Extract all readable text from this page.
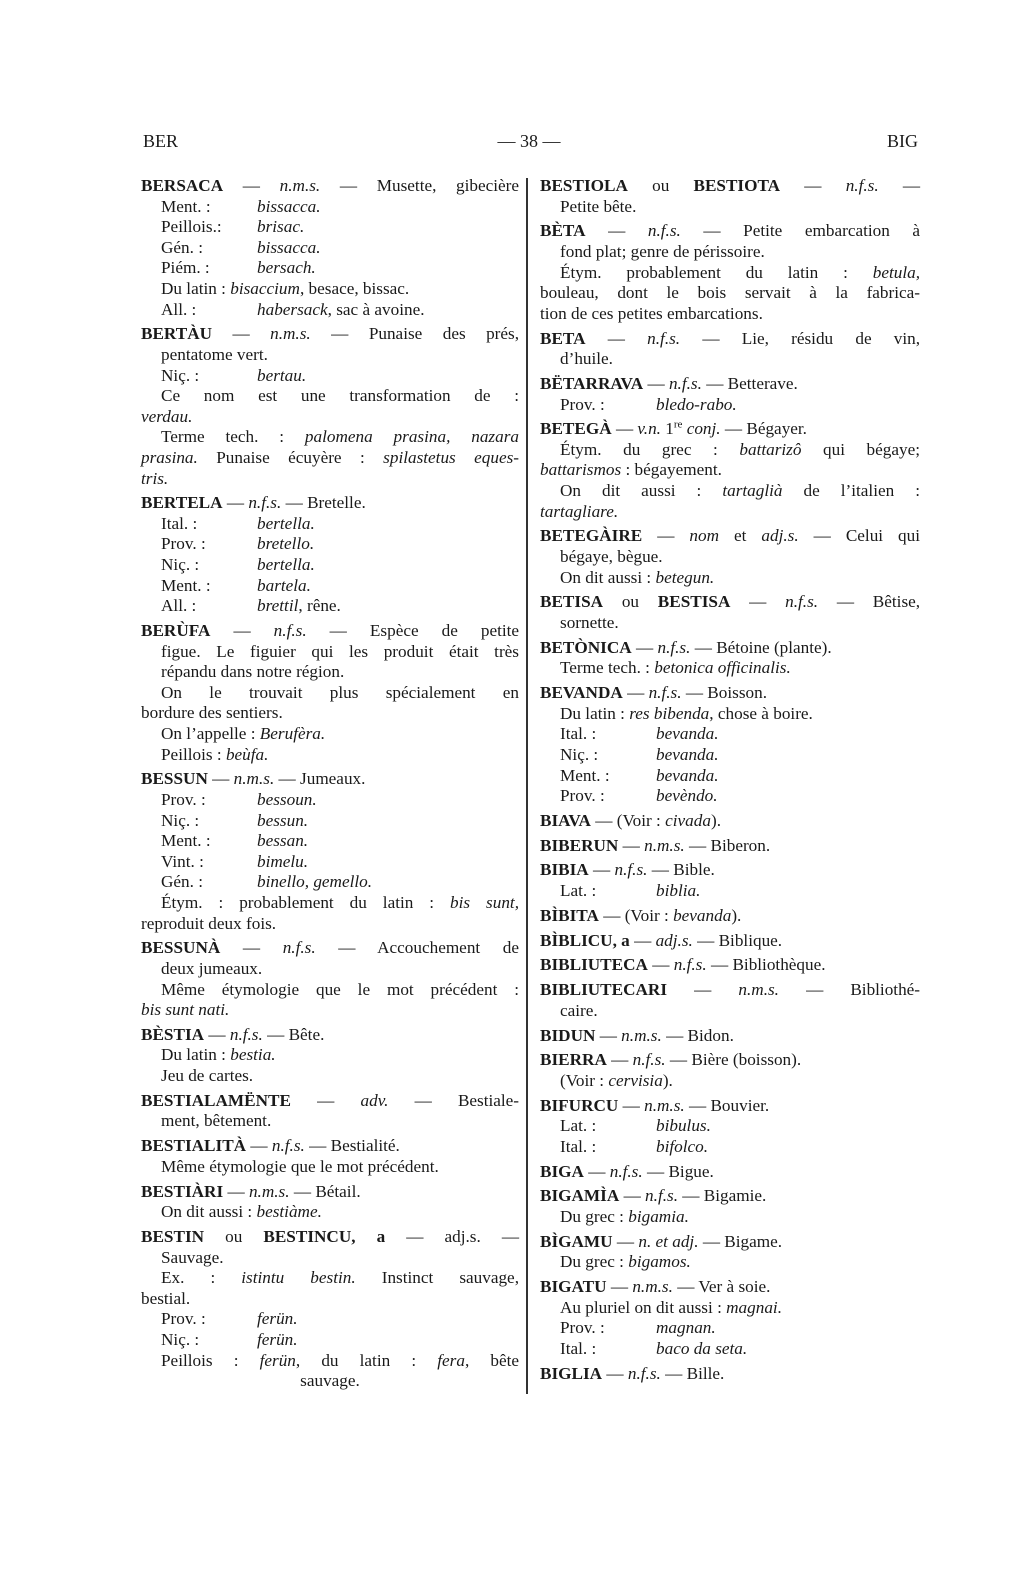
BER	— 38 —	BIG
BERSACA — n.m.s. — Musette, gibecière
Ment. :	bissacca.
Peillois.:	brisac.
Gén. :	bissacca.
Piém. :	bersach.
Du latin : bisaccium, besace, bissac.
All. :	habersack, sac à avoine.
BERTÀU — n.m.s. — Punaise des prés,
pentatome vert.
Niç. :	bertau.
Ce nom est une transformation de :
verdau.
Terme tech. : palomena prasina, nazara
prasina. Punaise écuyère : spilastetus eques-
tris.
BERTELA — n.f.s. — Bretelle.
Ital. :	bertella.
Prov. :	bretello.
Niç. :	bertella.
Ment. :	bartela.
All. :	brettil, rêne.
BERÙFA — n.f.s. — Espèce de petite
figue. Le figuier qui les produit était très
répandu dans notre région.
On le trouvait plus spécialement en
bordure des sentiers.
On l’appelle : Berufèra.
Peillois : beùfa.
BESSUN — n.m.s. — Jumeaux.
Prov. :	bessoun.
Niç. :	bessun.
Ment. :	bessan.
Vint. :	bimelu.
Gén. :	binello, gemello.
Étym. : probablement du latin : bis sunt,
reproduit deux fois.
BESSUNÀ — n.f.s. — Accouchement de
deux jumeaux.
Même étymologie que le mot précédent :
bis sunt nati.
BÈSTIA — n.f.s. — Bête.
Du latin : bestia.
Jeu de cartes.
BESTIALAMËNTE — adv. — Bestiale-
ment, bêtement.
BESTIALITÀ — n.f.s. — Bestialité.
Même étymologie que le mot précédent.
BESTIÀRI — n.m.s. — Bétail.
On dit aussi : bestiàme.
BESTIN ou BESTINCU, a — adj.s. —
Sauvage.
Ex. : istintu bestin. Instinct sauvage,
bestial.
Prov. :	ferün.
Niç. :	ferün.
Peillois : ferün, du latin : fera, bête
sauvage.
BESTIOLA ou BESTIOTA — n.f.s. —
Petite bête.
BÈTA — n.f.s. — Petite embarcation à
fond plat; genre de périssoire.
Étym. probablement du latin : betula,
bouleau, dont le bois servait à la fabrica-
tion de ces petites embarcations.
BETA — n.f.s. — Lie, résidu de vin,
d’huile.
BËTARRAVA — n.f.s. — Betterave.
Prov. :	bledo-rabo.
BETEGÀ — v.n. 1re conj. — Bégayer.
Étym. du grec : battarizô qui bégaye;
battarismos : bégayement.
On dit aussi : tartaglià de l’italien :
tartagliare.
BETEGÀIRE — nom et adj.s. — Celui qui
bégaye, bègue.
On dit aussi : betegun.
BETISA ou BESTISA — n.f.s. — Bêtise,
sornette.
BETÒNICA — n.f.s. — Bétoine (plante).
Terme tech. : betonica officinalis.
BEVANDA — n.f.s. — Boisson.
Du latin : res bibenda, chose à boire.
Ital. :	bevanda.
Niç. :	bevanda.
Ment. :	bevanda.
Prov. :	bevèndo.
BIAVA — (Voir : civada).
BIBERUN — n.m.s. — Biberon.
BIBIA — n.f.s. — Bible.
Lat. :	biblia.
BÌBITA — (Voir : bevanda).
BÌBLICU, a — adj.s. — Biblique.
BIBLIUTECA — n.f.s. — Bibliothèque.
BIBLIUTECARI — n.m.s. — Bibliothé-
caire.
BIDUN — n.m.s. — Bidon.
BIERRA — n.f.s. — Bière (boisson).
(Voir : cervisia).
BIFURCU — n.m.s. — Bouvier.
Lat. :	bibulus.
Ital. :	bifolco.
BIGA — n.f.s. — Bigue.
BIGAMÌA — n.f.s. — Bigamie.
Du grec : bigamia.
BÌGAMU — n. et adj. — Bigame.
Du grec : bigamos.
BIGATU — n.m.s. — Ver à soie.
Au pluriel on dit aussi : magnai.
Prov. :	magnan.
Ital. :	baco da seta.
BIGLIA — n.f.s. — Bille.
